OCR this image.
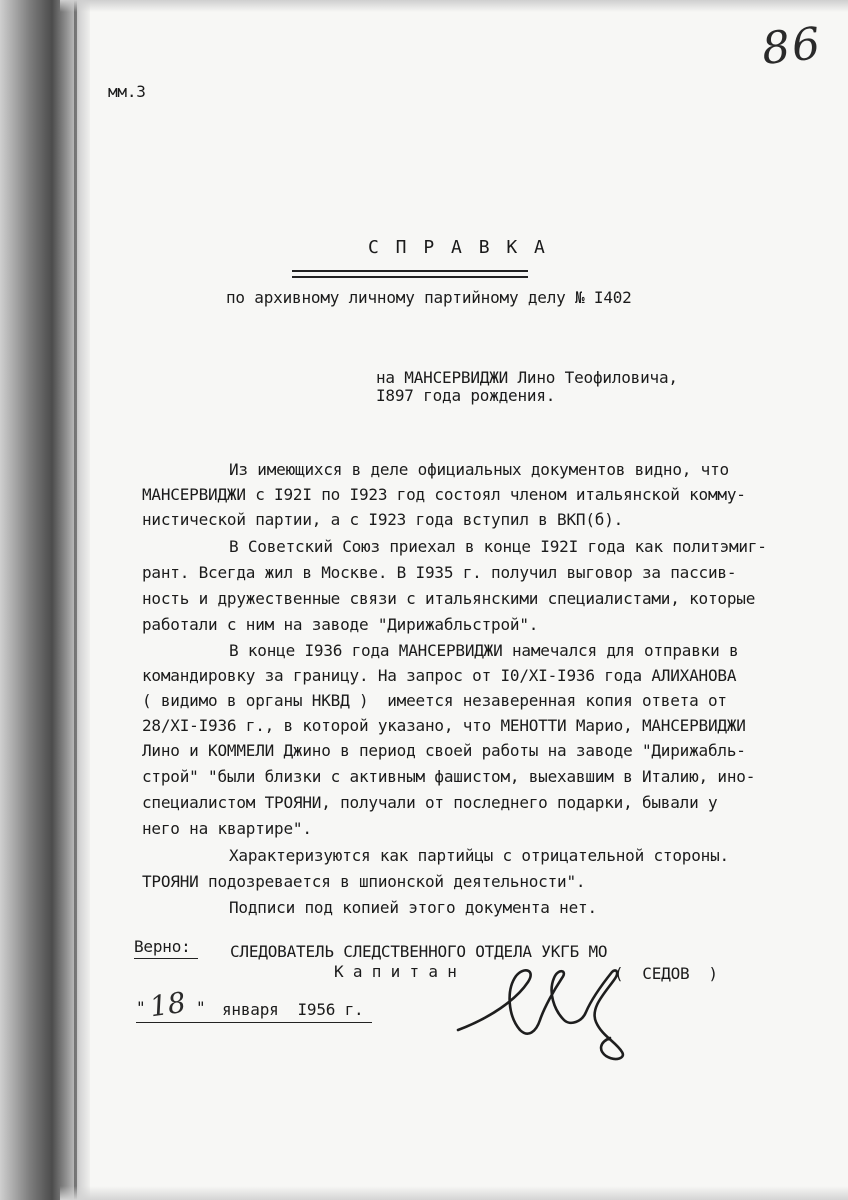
86
мм.3
С П Р А В К А
по архивному личному партийному делу № I402
на МАНСЕРВИДЖИ Лино Теофиловича,
I897 года рождения.
Из имеющихся в деле официальных документов видно, что
МАНСЕРВИДЖИ с I92I по I923 год состоял членом итальянской комму-
нистической партии, а с I923 года вступил в ВКП(б).
В Советский Союз приехал в конце I92I года как политэмиг-
рант. Всегда жил в Москве. В I935 г. получил выговор за пассив-
ность и дружественные связи с итальянскими специалистами, которые
работали с ним на заводе "Дирижабльстрой".
В конце I936 года МАНСЕРВИДЖИ намечался для отправки в
командировку за границу. На запрос от I0/XI-I936 года АЛИХАНОВА
( видимо в органы НКВД )  имеется незаверенная копия ответа от
28/XI-I936 г., в которой указано, что МЕНОТТИ Марио, МАНСЕРВИДЖИ
Лино и КОММЕЛИ Джино в период своей работы на заводе "Дирижабль-
строй" "были близки с активным фашистом, выехавшим в Италию, ино-
специалистом ТРОЯНИ, получали от последнего подарки, бывали у
него на квартире".
Характеризуются как партийцы с отрицательной стороны.
ТРОЯНИ подозревается в шпионской деятельности".
Подписи под копией этого документа нет.
Верно: СЛЕДОВАТЕЛЬ СЛЕДСТВЕННОГО ОТДЕЛА УКГБ МО
К а п и т а н	(  СЕДОВ  )
" 18 " января  I956 г.
